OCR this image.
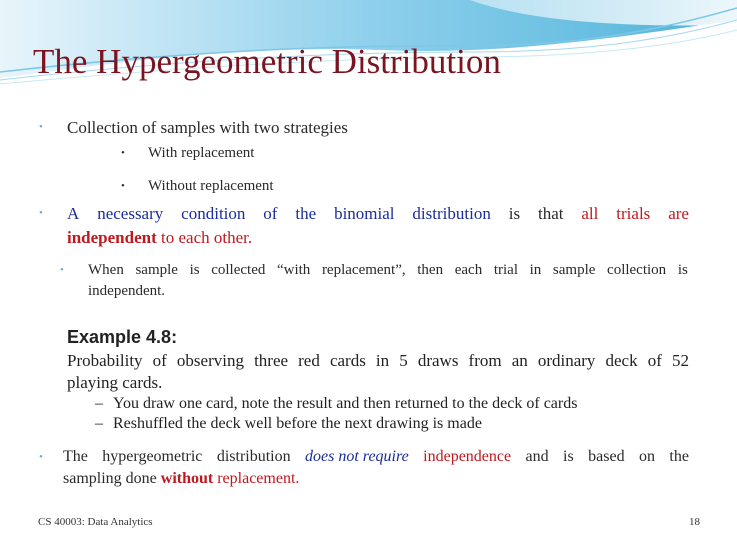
The Hypergeometric Distribution
• Collection of samples with two strategies
• With replacement
• Without replacement
• A necessary condition of the binomial distribution is that all trials are
independent to each other.
• When sample is collected “with replacement”, then each trial in sample collection is
independent.
Example 4.8:
Probability of observing three red cards in 5 draws from an ordinary deck of 52
playing cards.
– You draw one card, note the result and then returned to the deck of cards
– Reshuffled the deck well before the next drawing is made
• The hypergeometric distribution does not require independence and is based on the
sampling done without replacement.
CS 40003: Data Analytics	18
